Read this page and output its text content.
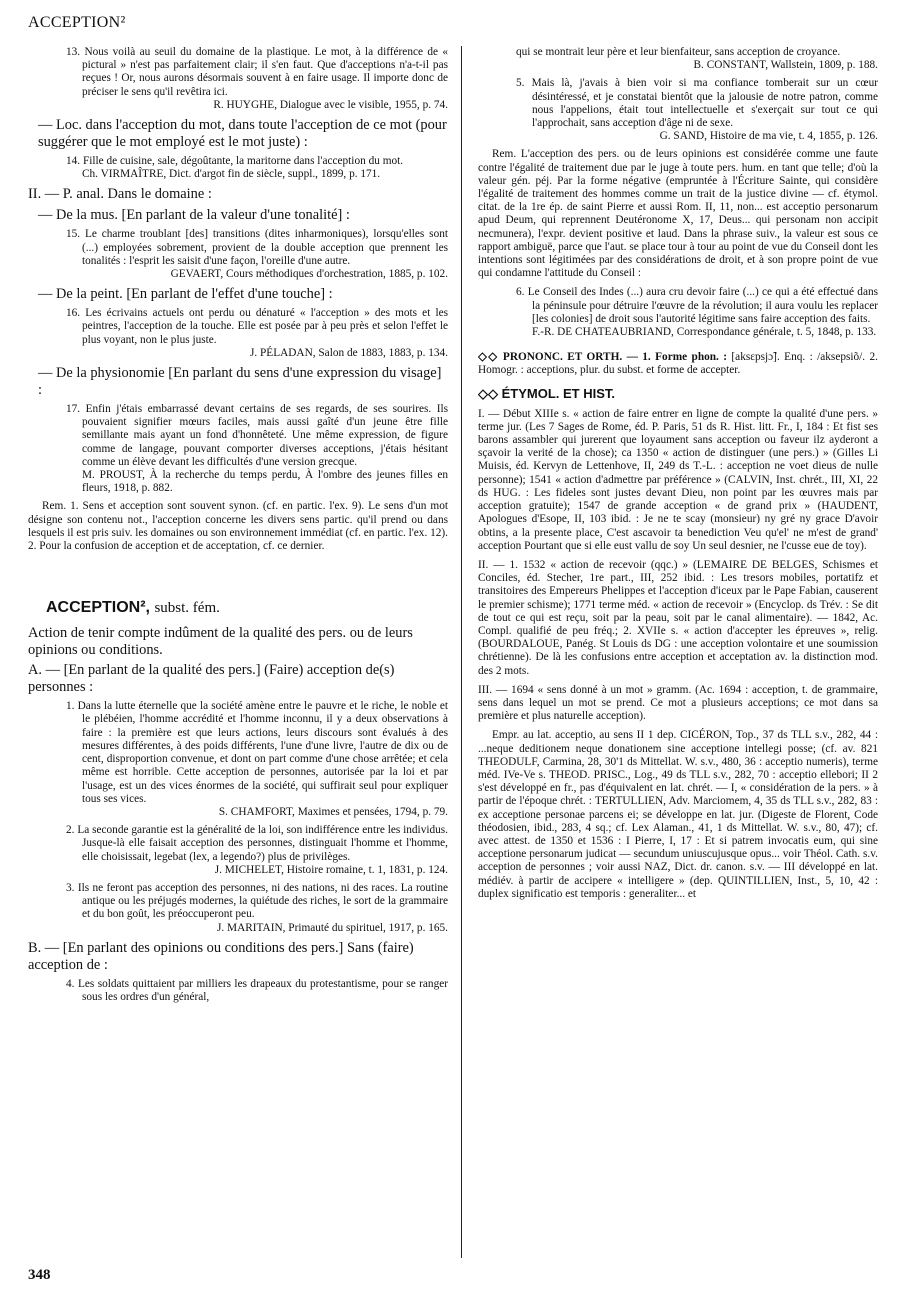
ACCEPTION²
13. Nous voilà au seuil du domaine de la plastique. Le mot, à la différence de « pictural » n'est pas parfaitement clair; il s'en faut. Que d'acceptions n'a-t-il pas reçues ! Or, nous aurons désormais souvent à en faire usage. Il importe donc de préciser le sens qu'il revêtira ici.
R. HUYGHE, Dialogue avec le visible, 1955, p. 74.

— Loc. dans l'acception du mot, dans toute l'acception de ce mot (pour suggérer que le mot employé est le mot juste) :

14. Fille de cuisine, sale, dégoûtante, la maritorne dans l'acception du mot.
Ch. VIRMAÎTRE, Dict. d'argot fin de siècle, suppl., 1899, p. 171.

II. — P. anal. Dans le domaine :

— De la mus. [En parlant de la valeur d'une tonalité] :

15. Le charme troublant [des] transitions (dites inharmoniques), lorsqu'elles sont (...) employées sobrement, provient de la double acception que prennent les tonalités : l'esprit les saisit d'une façon, l'oreille d'une autre.
GEVAERT, Cours méthodiques d'orchestration, 1885, p. 102.

— De la peint. [En parlant de l'effet d'une touche] :

16. Les écrivains actuels ont perdu ou dénaturé « l'acception » des mots et les peintres, l'acception de la touche. Elle est posée par à peu près et selon l'effet le plus voyant, non le plus juste.
J. PÉLADAN, Salon de 1883, 1883, p. 134.

— De la physionomie [En parlant du sens d'une expression du visage] :

17. Enfin j'étais embarrassé devant certains de ses regards, de ses sourires. Ils pouvaient signifier mœurs faciles, mais aussi gaîté d'un jeune être fille semillante mais ayant un fond d'honnêteté. Une même expression, de figure comme de langage, pouvant comporter diverses acceptions, j'étais hésitant comme un élève devant les difficultés d'une version grecque.
M. PROUST, À la recherche du temps perdu, À l'ombre des jeunes filles en fleurs, 1918, p. 882.

Rem. 1. Sens et acception sont souvent synon. (cf. en partic. l'ex. 9). Le sens d'un mot désigne son contenu not., l'acception concerne les divers sens partic. qu'il prend ou dans lesquels il est pris suiv. les domaines ou son environnement immédiat (cf. en partic. l'ex. 12). 2. Pour la confusion de acception et de acceptation, cf. ce dernier.

ACCEPTION², subst. fém.

Action de tenir compte indûment de la qualité des pers. ou de leurs opinions ou conditions.

A. — [En parlant de la qualité des pers.] (Faire) acception de(s) personnes :

1. Dans la lutte éternelle que la société amène entre le pauvre et le riche, le noble et le plébéien, l'homme accrédité et l'homme inconnu, il y a deux observations à faire : la première est que leurs actions, leurs discours sont évalués à des mesures différentes, à des poids différents, l'une d'une livre, l'autre de dix ou de cent, disproportion convenue, et dont on part comme d'une chose arrêtée; et cela même est horrible. Cette acception de personnes, autorisée par la loi et par l'usage, est un des vices énormes de la société, qui suffirait seul pour expliquer tous ses vices.
S. CHAMFORT, Maximes et pensées, 1794, p. 79.
2. La seconde garantie est la généralité de la loi, son indifférence entre les individus. Jusque-là elle faisait acception des personnes, distinguait l'homme et l'homme, elle choisissait, legebat (lex, a legendo?) plus de privilèges.
J. MICHELET, Histoire romaine, t. 1, 1831, p. 124.
3. Ils ne feront pas acception des personnes, ni des nations, ni des races. La routine antique ou les préjugés modernes, la quiétude des riches, le sort de la grammaire et du bon goût, les préoccuperont peu.
J. MARITAIN, Primauté du spirituel, 1917, p. 165.

B. — [En parlant des opinions ou conditions des pers.] Sans (faire) acception de :

4. Les soldats quittaient par milliers les drapeaux du protestantisme, pour se ranger sous les ordres d'un général,
qui se montrait leur père et leur bienfaiteur, sans acception de croyance.
B. CONSTANT, Wallstein, 1809, p. 188.
5. Mais là, j'avais à bien voir si ma confiance tomberait sur un cœur désintéressé, et je constatai bientôt que la jalousie de notre patron, comme nous l'appelions, était tout intellectuelle et s'exerçait sur tout ce qui l'approchait, sans acception d'âge ni de sexe.
G. SAND, Histoire de ma vie, t. 4, 1855, p. 126.

Rem. L'acception des pers. ou de leurs opinions est considérée comme une faute contre l'égalité de traitement due par le juge à toute pers. hum. en tant que telle; d'où la valeur gén. péj. Par la forme négative (empruntée à l'Écriture Sainte, qui considère l'égalité de traitement des hommes comme un trait de la justice divine — cf. étymol. citat. de la 1re ép. de saint Pierre et aussi Rom. II, 11, non... est acceptio personarum apud Deum, qui reprennent Deutéronome X, 17, Deus... qui personam non accipit necmunera), l'expr. devient positive et laud. Dans la phrase suiv., la valeur est sous ce rapport ambiguë, parce que l'aut. se place tour à tour au point de vue du Conseil dont les intentions sont légitimées par des considérations de droit, et à son propre point de vue qui condamne l'attitude du Conseil :

6. Le Conseil des Indes (...) aura cru devoir faire (...) ce qui a été effectué dans la péninsule pour détruire l'œuvre de la révolution; il aura voulu les replacer [les colonies] de droit sous l'autorité légitime sans faire acception des faits.
F.-R. DE CHATEAUBRIAND, Correspondance générale, t. 5, 1848, p. 133.

◇◇ PRONONC. ET ORTH. — 1. Forme phon. : [aksɛpsjɔ̃]. Enq. : /aksepsiõ/. 2. Homogr. : acceptions, plur. du subst. et forme de accepter.

◇◇ ÉTYMOL. ET HIST.

I. — Début XIIIe s. « action de faire entrer en ligne de compte la qualité d'une pers. » terme jur. (Les 7 Sages de Rome, éd. P. Paris, 51 ds R. Hist. litt. Fr., I, 184 : Et fist ses barons assambler qui jurerent que loyaument sans acception ou faveur ilz ayderont a sçavoir la verité de la chose); ca 1350 « action de distinguer (une pers.) » (Gilles Li Muisis, éd. Kervyn de Lettenhove, II, 249 ds T.-L. : acception ne voet dieus de nulle personne); 1541 « action d'admettre par préférence » (CALVIN, Inst. chrét., III, XI, 22 ds HUG. : Les fideles sont justes devant Dieu, non point par les œuvres mais par acception gratuite); 1547 de grande acception « de grand prix » (HAUDENT, Apologues d'Esope, II, 103 ibid. : Je ne te scay (monsieur) ny gré ny grace D'avoir obtins, a la presente place, C'est ascavoir ta benediction Veu qu'el' ne m'est de grand' acception Pourtant que si elle eust vallu de soy Un seul desnier, ne l'cusse eue de toy).

II. — 1. 1532 « action de recevoir (qqc.) » (LEMAIRE DE BELGES, Schismes et Conciles, éd. Stecher, 1re part., III, 252 ibid. : Les tresors mobiles, portatifz et transitoires des Empereurs Phelippes et l'acception d'iceux par le Pape Fabian, causerent le premier schisme); 1771 terme méd. « action de recevoir » (Encyclop. ds Trév. : Se dit de tout ce qui est reçu, soit par la peau, soit par le canal alimentaire). — 1842, Ac. Compl. qualifié de peu fréq.; 2. XVIIe s. « action d'accepter les épreuves », relig. (BOURDALOUE, Panég. St Louis ds DG : une acception volontaire et une soumission chrétienne). De là les confusions entre acception et acceptation av. la distinction mod. des 2 mots.

III. — 1694 « sens donné à un mot » gramm. (Ac. 1694 : acception, t. de grammaire, sens dans lequel un mot se prend. Ce mot a plusieurs acceptions; ce mot dans sa première et plus naturelle acception).

Empr. au lat. acceptio, au sens II 1 dep. CICÉRON, Top., 37 ds TLL s.v., 282, 44 : ...neque deditionem neque donationem sine acceptione intellegi posse; (cf. av. 821 THEODULF, Carmina, 28, 30'1 ds Mittellat. W. s.v., 480, 36 : acceptio numeris), terme méd. IVe-Ve s. THEOD. PRISC., Log., 49 ds TLL s.v., 282, 70 : acceptio ellebori; II 2 s'est développé en fr., pas d'équivalent en lat. chrét. — I, « considération de la pers. » à partir de l'époque chrét. : TERTULLIEN, Adv. Marciomem, 4, 35 ds TLL s.v., 282, 83 : ex acceptione personae parcens ei; se développe en lat. jur. (Digeste de Florent, Code théodosien, ibid., 283, 4 sq.; cf. Lex Alaman., 41, 1 ds Mittellat. W. s.v., 80, 47); cf. avec attest. de 1350 et 1536 : I Pierre, I, 17 : Et si patrem invocatis eum, qui sine acceptione personarum judicat — secundum uniuscujusque opus... voir Théol. Cath. s.v. acception de personnes ; voir aussi NAZ, Dict. dr. canon. s.v. — III développé en lat. médiév. à partir de accipere « intelligere » (dep. QUINTILLIEN, Inst., 5, 10, 42 : duplex significatio est temporis : generaliter... et

348
